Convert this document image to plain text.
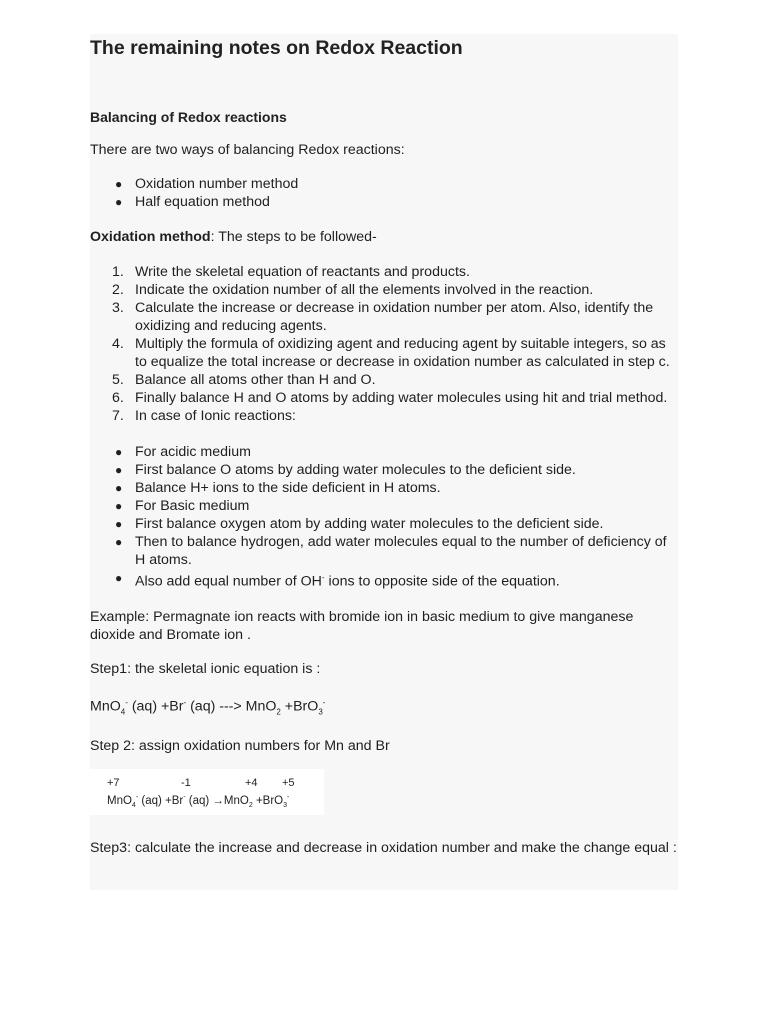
The remaining notes on Redox Reaction
Balancing of Redox reactions

There are two ways of balancing Redox reactions:

● Oxidation number method
● Half equation method

Oxidation method: The steps to be followed-

1. Write the skeletal equation of reactants and products.
2. Indicate the oxidation number of all the elements involved in the reaction.
3. Calculate the increase or decrease in oxidation number per atom. Also, identify the oxidizing and reducing agents.
4. Multiply the formula of oxidizing agent and reducing agent by suitable integers, so as to equalize the total increase or decrease in oxidation number as calculated in step c.
5. Balance all atoms other than H and O.
6. Finally balance H and O atoms by adding water molecules using hit and trial method.
7. In case of Ionic reactions:
● For acidic medium
● First balance O atoms by adding water molecules to the deficient side.
● Balance H+ ions to the side deficient in H atoms.
● For Basic medium
● First balance oxygen atom by adding water molecules to the deficient side.
● Then to balance hydrogen, add water molecules equal to the number of deficiency of H atoms.
● Also add equal number of OH- ions to opposite side of the equation.

Example: Permagnate ion reacts with bromide ion in basic medium to give manganese dioxide and Bromate ion .

Step1: the skeletal ionic equation is :

MnO$_4$- (aq) +Br- (aq) ---> MnO$_2$ +BrO$_3$-

Step 2: assign oxidation numbers for Mn and Br

+7	-1	+4 +5
MnO$_4$- (aq) +Br- (aq) →MnO$_2$ +BrO$_3$-

Step3: calculate the increase and decrease in oxidation number and make the change equal :
